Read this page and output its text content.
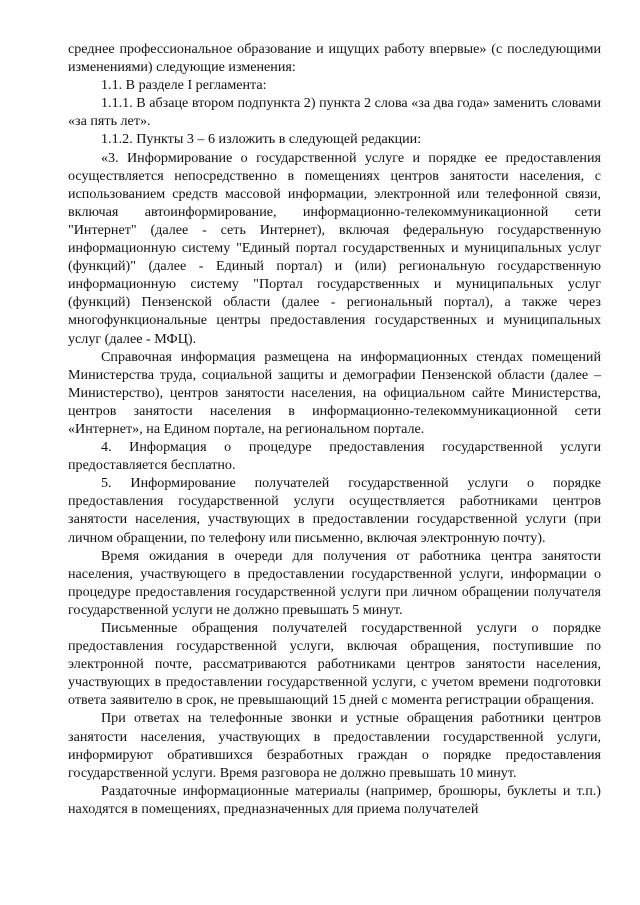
среднее профессиональное образование и ищущих работу впервые» (с последующими изменениями) следующие изменения:

1.1. В разделе I регламента:

1.1.1. В абзаце втором подпункта 2) пункта 2 слова «за два года» заменить словами «за пять лет».

1.1.2. Пункты 3 – 6 изложить в следующей редакции:

«3. Информирование о государственной услуге и порядке ее предоставления осуществляется непосредственно в помещениях центров занятости населения, с использованием средств массовой информации, электронной или телефонной связи, включая автоинформирование, информационно-телекоммуникационной сети "Интернет" (далее - сеть Интернет), включая федеральную государственную информационную систему "Единый портал государственных и муниципальных услуг (функций)" (далее - Единый портал) и (или) региональную государственную информационную систему "Портал государственных и муниципальных услуг (функций) Пензенской области (далее - региональный портал), а также через многофункциональные центры предоставления государственных и муниципальных услуг (далее - МФЦ).

Справочная информация размещена на информационных стендах помещений Министерства труда, социальной защиты и демографии Пензенской области (далее – Министерство), центров занятости населения, на официальном сайте Министерства, центров занятости населения в информационно-телекоммуникационной сети «Интернет», на Едином портале, на региональном портале.

4. Информация о процедуре предоставления государственной услуги предоставляется бесплатно.

5. Информирование получателей государственной услуги о порядке предоставления государственной услуги осуществляется работниками центров занятости населения, участвующих в предоставлении государственной услуги (при личном обращении, по телефону или письменно, включая электронную почту).

Время ожидания в очереди для получения от работника центра занятости населения, участвующего в предоставлении государственной услуги, информации о процедуре предоставления государственной услуги при личном обращении получателя государственной услуги не должно превышать 5 минут.

Письменные обращения получателей государственной услуги о порядке предоставления государственной услуги, включая обращения, поступившие по электронной почте, рассматриваются работниками центров занятости населения, участвующих в предоставлении государственной услуги, с учетом времени подготовки ответа заявителю в срок, не превышающий 15 дней с момента регистрации обращения.

При ответах на телефонные звонки и устные обращения работники центров занятости населения, участвующих в предоставлении государственной услуги, информируют обратившихся безработных граждан о порядке предоставления государственной услуги. Время разговора не должно превышать 10 минут.

Раздаточные информационные материалы (например, брошюры, буклеты и т.п.) находятся в помещениях, предназначенных для приема получателей
